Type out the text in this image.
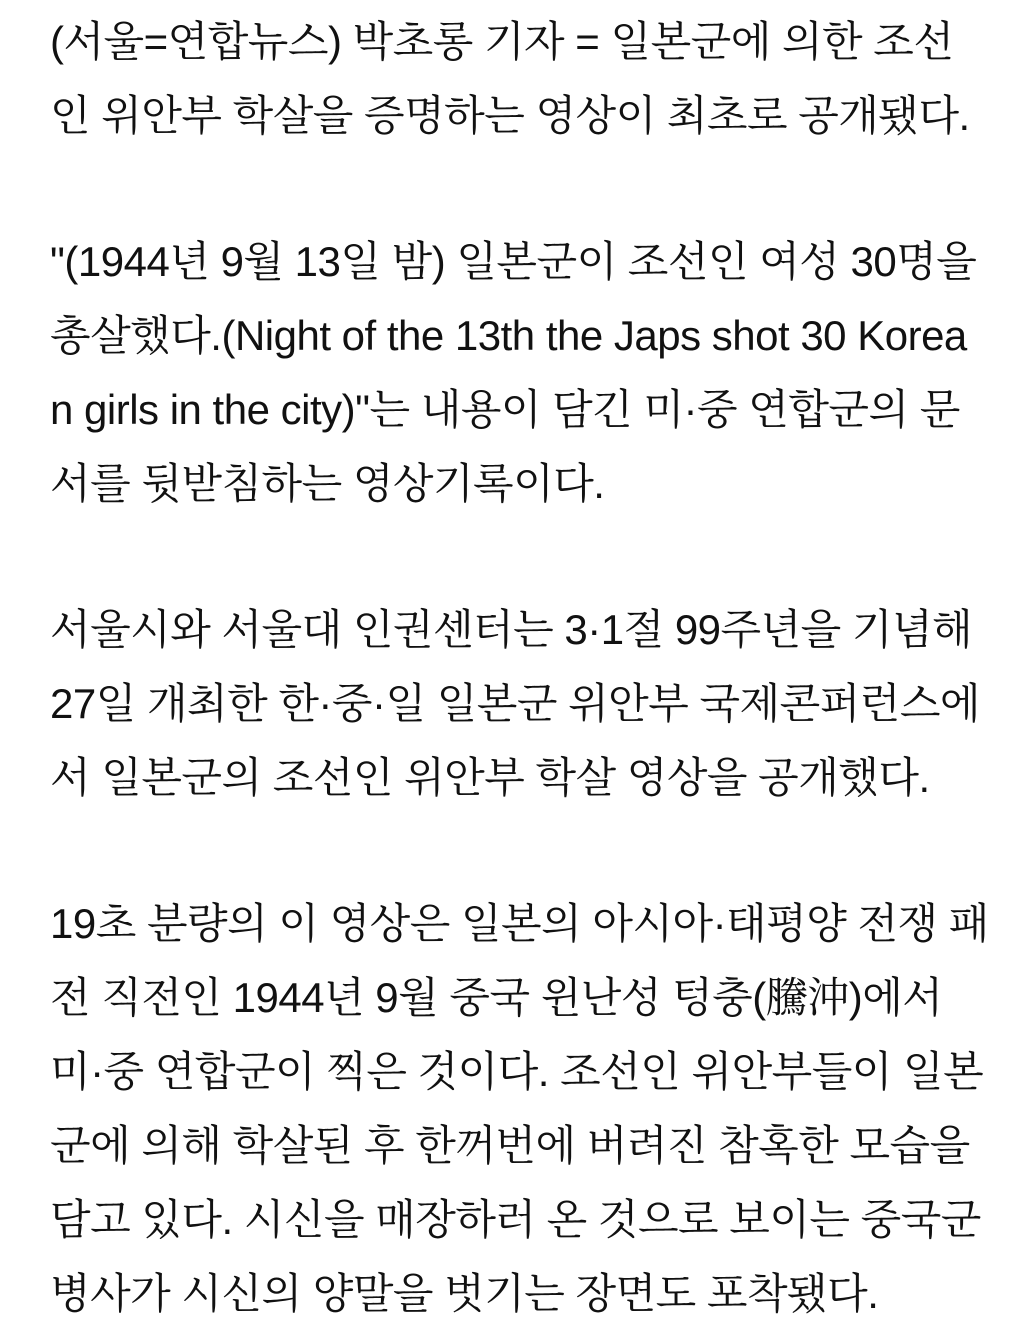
(서울=연합뉴스) 박초롱 기자 = 일본군에 의한 조선
인 위안부 학살을 증명하는 영상이 최초로 공개됐다.

"(1944년 9월 13일 밤) 일본군이 조선인 여성 30명을
총살했다.(Night of the 13th the Japs shot 30 Korea
n girls in the city)"는 내용이 담긴 미·중 연합군의 문
서를 뒷받침하는 영상기록이다.

서울시와 서울대 인권센터는 3·1절 99주년을 기념해
27일 개최한 한·중·일 일본군 위안부 국제콘퍼런스에
서 일본군의 조선인 위안부 학살 영상을 공개했다.

19초 분량의 이 영상은 일본의 아시아·태평양 전쟁 패
전 직전인 1944년 9월 중국 윈난성 텅충(騰沖)에서
미·중 연합군이 찍은 것이다. 조선인 위안부들이 일본
군에 의해 학살된 후 한꺼번에 버려진 참혹한 모습을
담고 있다. 시신을 매장하러 온 것으로 보이는 중국군
병사가 시신의 양말을 벗기는 장면도 포착됐다.
